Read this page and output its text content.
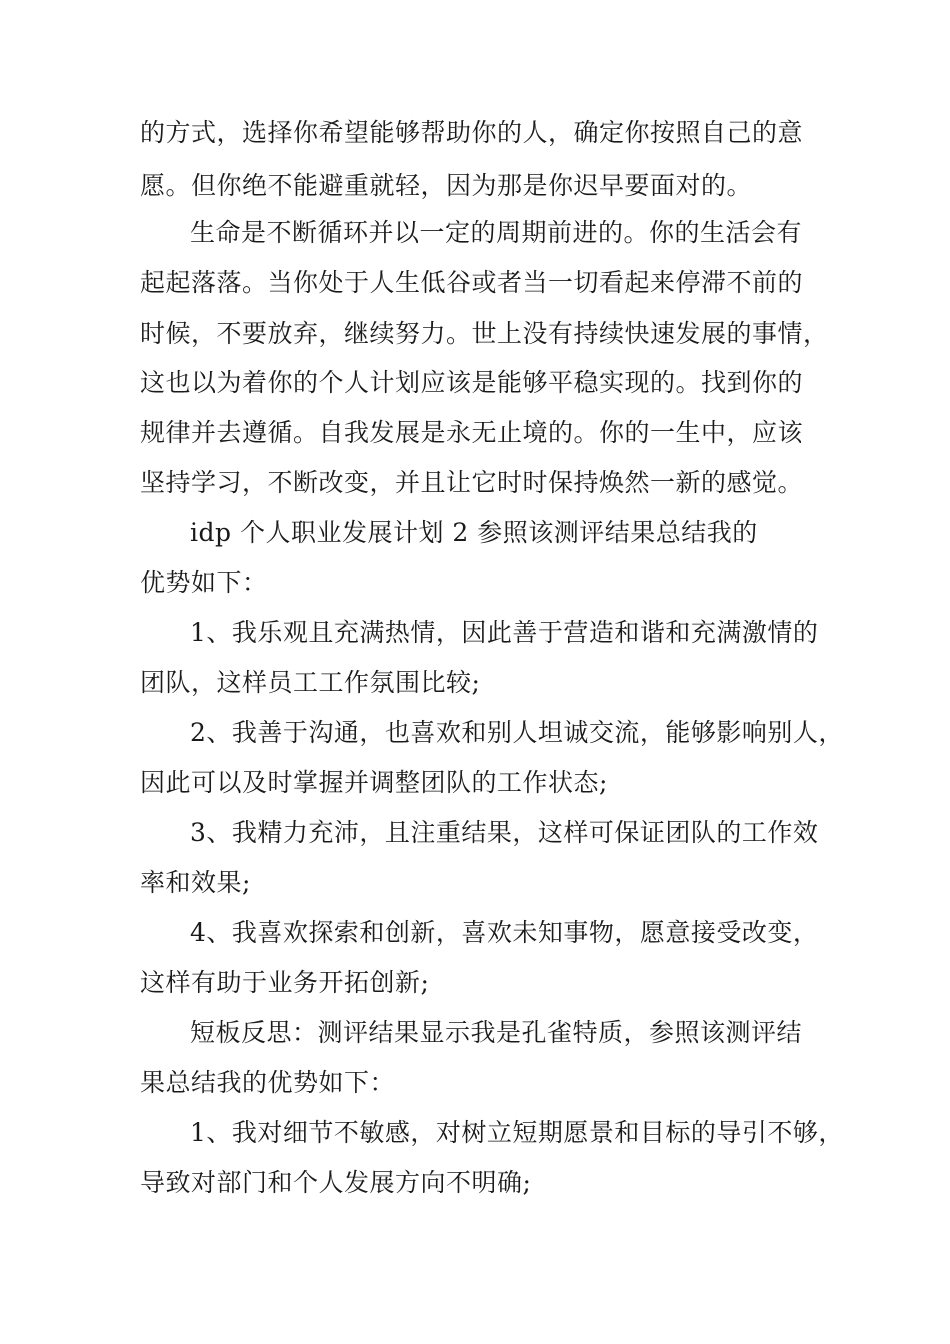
的方式，选择你希望能够帮助你的人，确定你按照自己的意
愿。但你绝不能避重就轻，因为那是你迟早要面对的。
生命是不断循环并以一定的周期前进的。你的生活会有
起起落落。当你处于人生低谷或者当一切看起来停滞不前的
时候，不要放弃，继续努力。世上没有持续快速发展的事情，
这也以为着你的个人计划应该是能够平稳实现的。找到你的
规律并去遵循。自我发展是永无止境的。你的一生中，应该
坚持学习，不断改变，并且让它时时保持焕然一新的感觉。
idp 个人职业发展计划 2 参照该测评结果总结我的
优势如下：
1、我乐观且充满热情，因此善于营造和谐和充满激情的
团队，这样员工工作氛围比较;
2、我善于沟通，也喜欢和别人坦诚交流，能够影响别人，
因此可以及时掌握并调整团队的工作状态;
3、我精力充沛，且注重结果，这样可保证团队的工作效
率和效果;
4、我喜欢探索和创新，喜欢未知事物，愿意接受改变，
这样有助于业务开拓创新;
短板反思：测评结果显示我是孔雀特质，参照该测评结
果总结我的优势如下：
1、我对细节不敏感，对树立短期愿景和目标的导引不够，
导致对部门和个人发展方向不明确;
